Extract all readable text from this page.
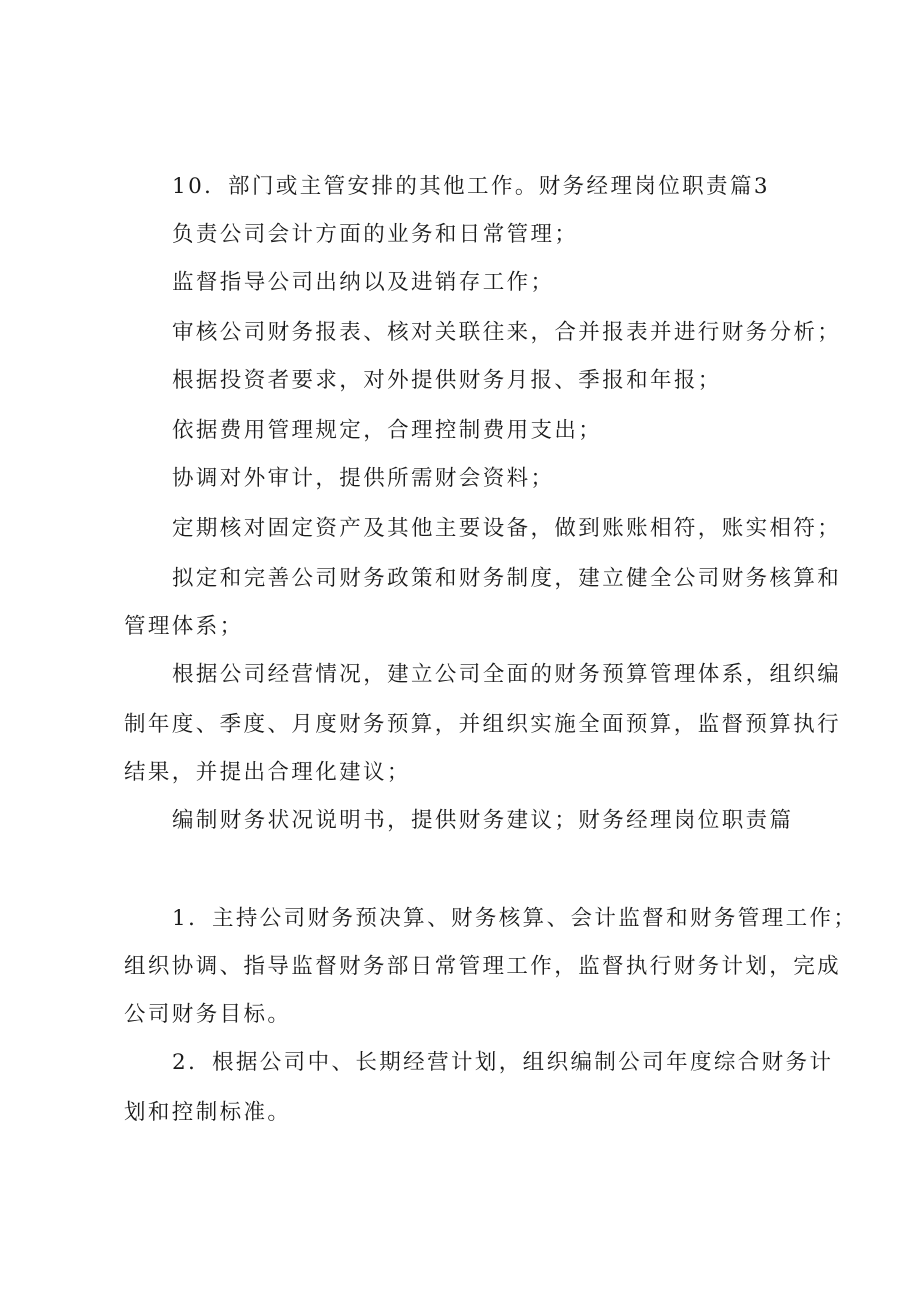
10．部门或主管安排的其他工作。财务经理岗位职责篇3
负责公司会计方面的业务和日常管理；
监督指导公司出纳以及进销存工作；
审核公司财务报表、核对关联往来，合并报表并进行财务分析；
根据投资者要求，对外提供财务月报、季报和年报；
依据费用管理规定，合理控制费用支出；
协调对外审计，提供所需财会资料；
定期核对固定资产及其他主要设备，做到账账相符，账实相符；
拟定和完善公司财务政策和财务制度，建立健全公司财务核算和
管理体系；
根据公司经营情况，建立公司全面的财务预算管理体系，组织编
制年度、季度、月度财务预算，并组织实施全面预算，监督预算执行
结果，并提出合理化建议；
编制财务状况说明书，提供财务建议；财务经理岗位职责篇
1．主持公司财务预决算、财务核算、会计监督和财务管理工作；
组织协调、指导监督财务部日常管理工作，监督执行财务计划，完成
公司财务目标。
2．根据公司中、长期经营计划，组织编制公司年度综合财务计
划和控制标准。
